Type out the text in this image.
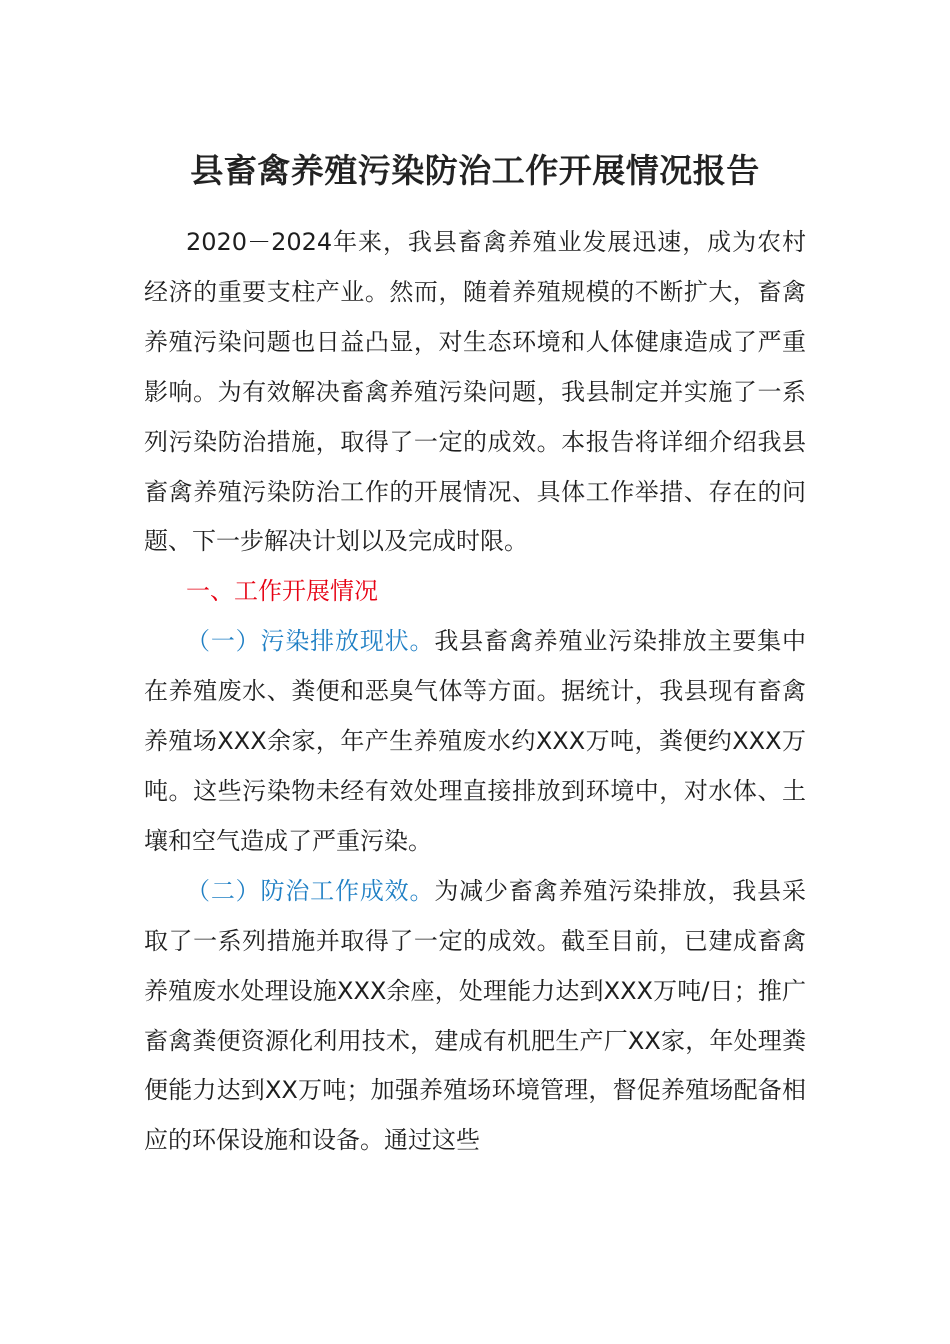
县畜禽养殖污染防治工作开展情况报告

2020－2024年来，我县畜禽养殖业发展迅速，成为农村经济的重要支柱产业。然而，随着养殖规模的不断扩大，畜禽养殖污染问题也日益凸显，对生态环境和人体健康造成了严重影响。为有效解决畜禽养殖污染问题，我县制定并实施了一系列污染防治措施，取得了一定的成效。本报告将详细介绍我县畜禽养殖污染防治工作的开展情况、具体工作举措、存在的问题、下一步解决计划以及完成时限。

一、工作开展情况

（一）污染排放现状。我县畜禽养殖业污染排放主要集中在养殖废水、粪便和恶臭气体等方面。据统计，我县现有畜禽养殖场XXX余家，年产生养殖废水约XXX万吨，粪便约XXX万吨。这些污染物未经有效处理直接排放到环境中，对水体、土壤和空气造成了严重污染。

（二）防治工作成效。为减少畜禽养殖污染排放，我县采取了一系列措施并取得了一定的成效。截至目前，已建成畜禽养殖废水处理设施XXX余座，处理能力达到XXX万吨/日；推广畜禽粪便资源化利用技术，建成有机肥生产厂XX家，年处理粪便能力达到XX万吨；加强养殖场环境管理，督促养殖场配备相应的环保设施和设备。通过这些
